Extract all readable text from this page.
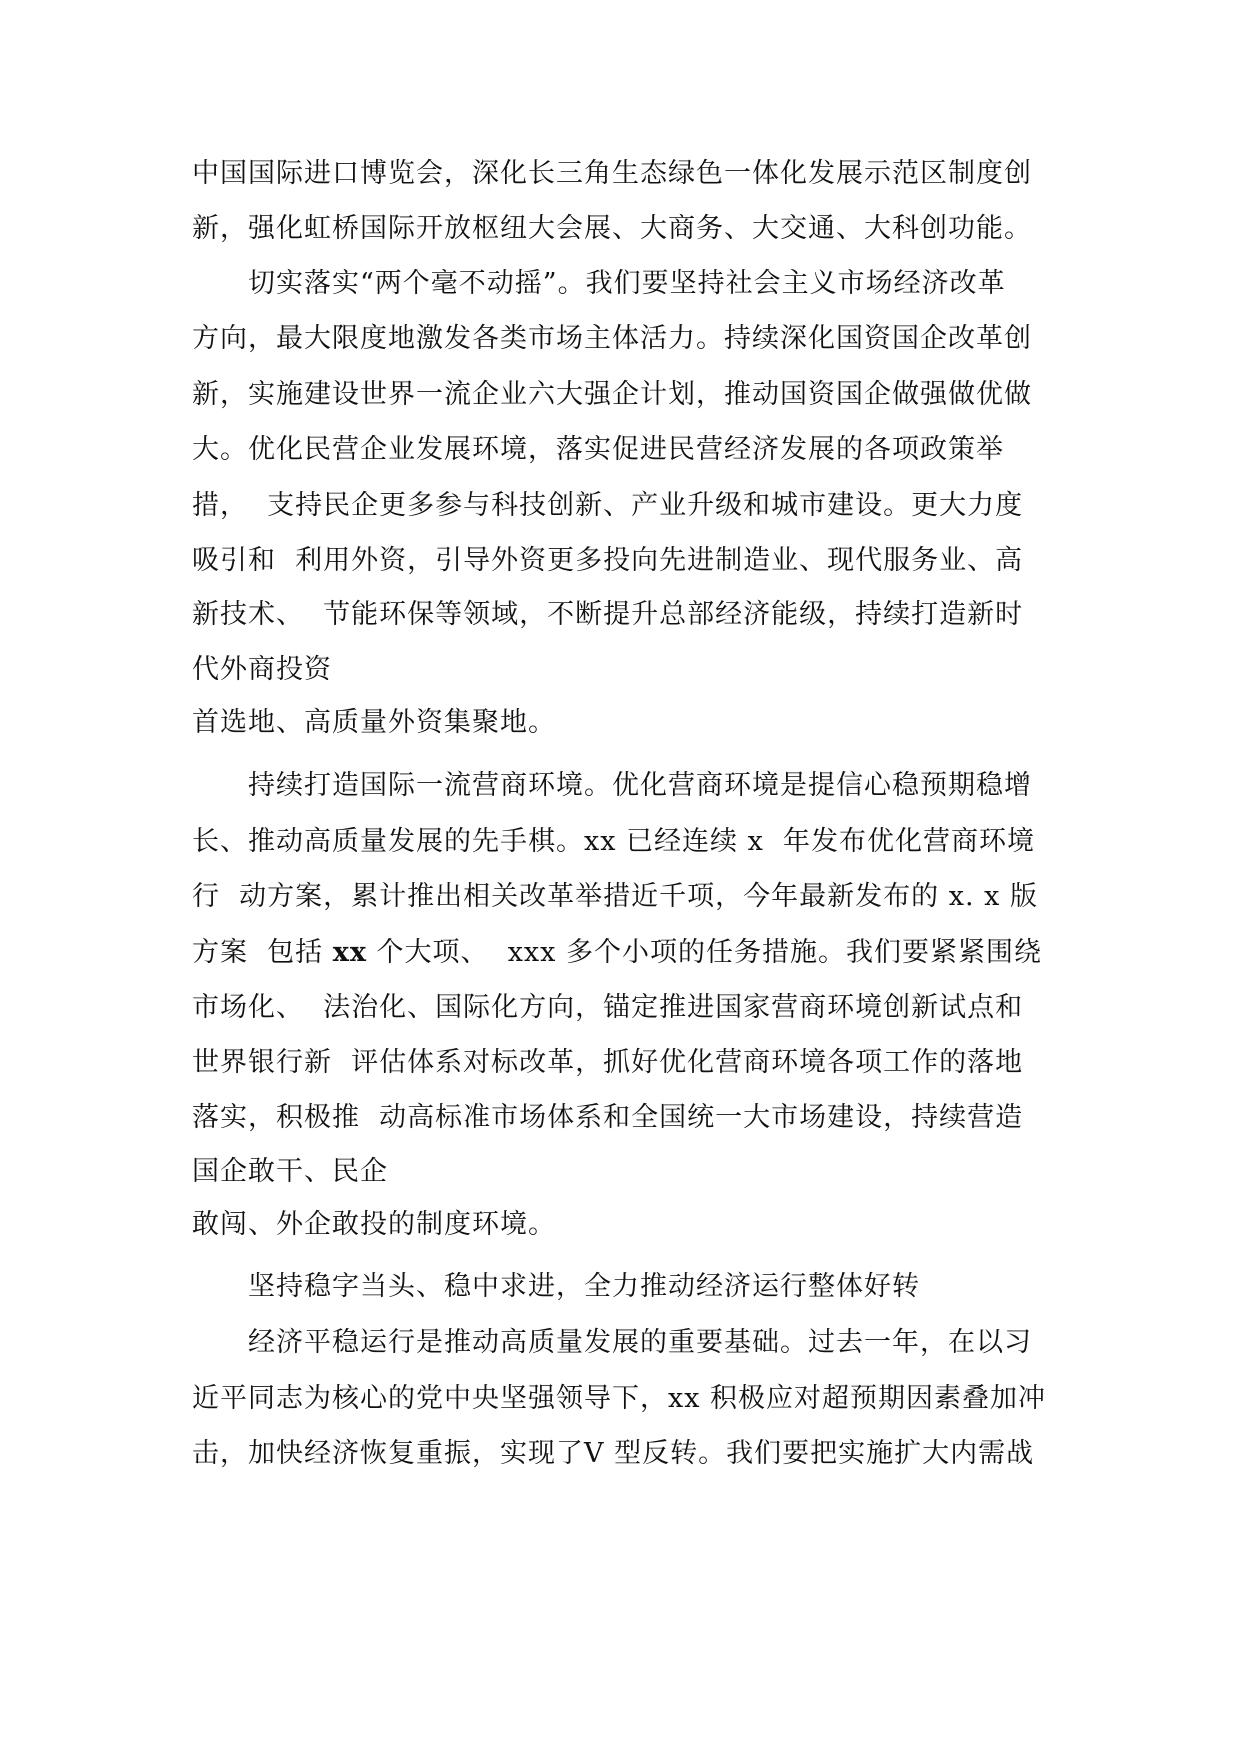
中国国际进口博览会，深化长三角生态绿色一体化发展示范区制度创
新，强化虹桥国际开放枢纽大会展、大商务、大交通、大科创功能。
切实落实“两个毫不动摇”。我们要坚持社会主义市场经济改革
方向，最大限度地激发各类市场主体活力。持续深化国资国企改革创
新，实施建设世界一流企业六大强企计划，推动国资国企做强做优做
大。优化民营企业发展环境，落实促进民营经济发展的各项政策举
措，  支持民企更多参与科技创新、产业升级和城市建设。更大力度
吸引和  利用外资，引导外资更多投向先进制造业、现代服务业、高
新技术、  节能环保等领域，不断提升总部经济能级，持续打造新时
代外商投资
首选地、高质量外资集聚地。
持续打造国际一流营商环境。优化营商环境是提信心稳预期稳增
长、推动高质量发展的先手棋。xx 已经连续 x  年发布优化营商环境
行  动方案，累计推出相关改革举措近千项，今年最新发布的 x. x 版
方案  包括 xx 个大项、  xxx 多个小项的任务措施。我们要紧紧围绕
市场化、  法治化、国际化方向，锚定推进国家营商环境创新试点和
世界银行新  评估体系对标改革，抓好优化营商环境各项工作的落地
落实，积极推  动高标准市场体系和全国统一大市场建设，持续营造
国企敢干、民企
敢闯、外企敢投的制度环境。
坚持稳字当头、稳中求进，全力推动经济运行整体好转
经济平稳运行是推动高质量发展的重要基础。过去一年，在以习
近平同志为核心的党中央坚强领导下，xx 积极应对超预期因素叠加冲
击，加快经济恢复重振，实现了Ⅴ 型反转。我们要把实施扩大内需战
